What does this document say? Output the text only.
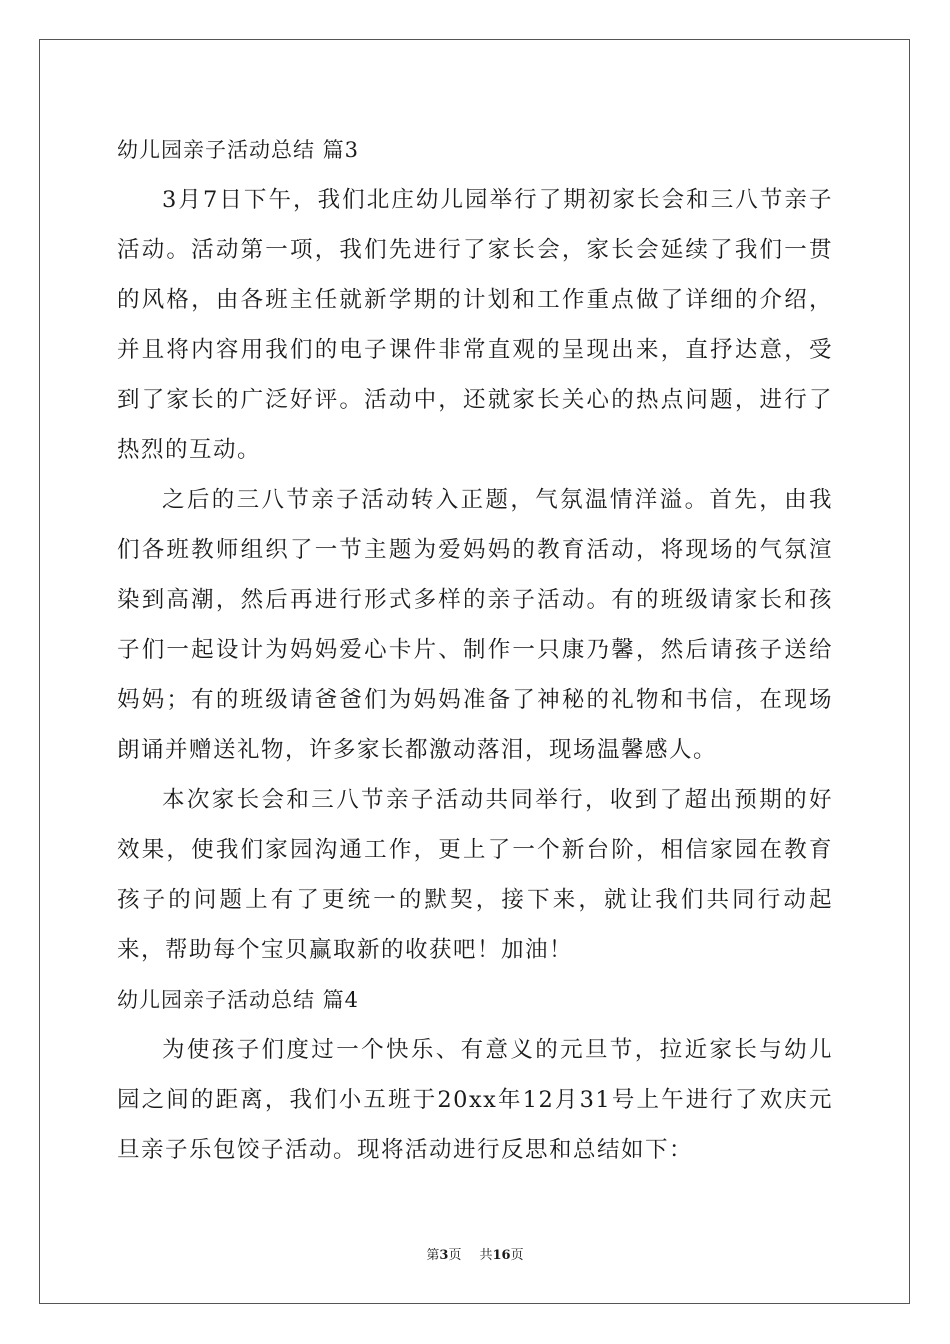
幼儿园亲子活动总结 篇3

3月7日下午，我们北庄幼儿园举行了期初家长会和三八节亲子活动。活动第一项，我们先进行了家长会，家长会延续了我们一贯的风格，由各班主任就新学期的计划和工作重点做了详细的介绍，并且将内容用我们的电子课件非常直观的呈现出来，直抒达意，受到了家长的广泛好评。活动中，还就家长关心的热点问题，进行了热烈的互动。

之后的三八节亲子活动转入正题，气氛温情洋溢。首先，由我们各班教师组织了一节主题为爱妈妈的教育活动，将现场的气氛渲染到高潮，然后再进行形式多样的亲子活动。有的班级请家长和孩子们一起设计为妈妈爱心卡片、制作一只康乃馨，然后请孩子送给妈妈；有的班级请爸爸们为妈妈准备了神秘的礼物和书信，在现场朗诵并赠送礼物，许多家长都激动落泪，现场温馨感人。

本次家长会和三八节亲子活动共同举行，收到了超出预期的好效果，使我们家园沟通工作，更上了一个新台阶，相信家园在教育孩子的问题上有了更统一的默契，接下来，就让我们共同行动起来，帮助每个宝贝赢取新的收获吧！加油！

幼儿园亲子活动总结 篇4

为使孩子们度过一个快乐、有意义的元旦节，拉近家长与幼儿园之间的距离，我们小五班于20xx年12月31号上午进行了欢庆元旦亲子乐包饺子活动。现将活动进行反思和总结如下：

第3页 共16页
